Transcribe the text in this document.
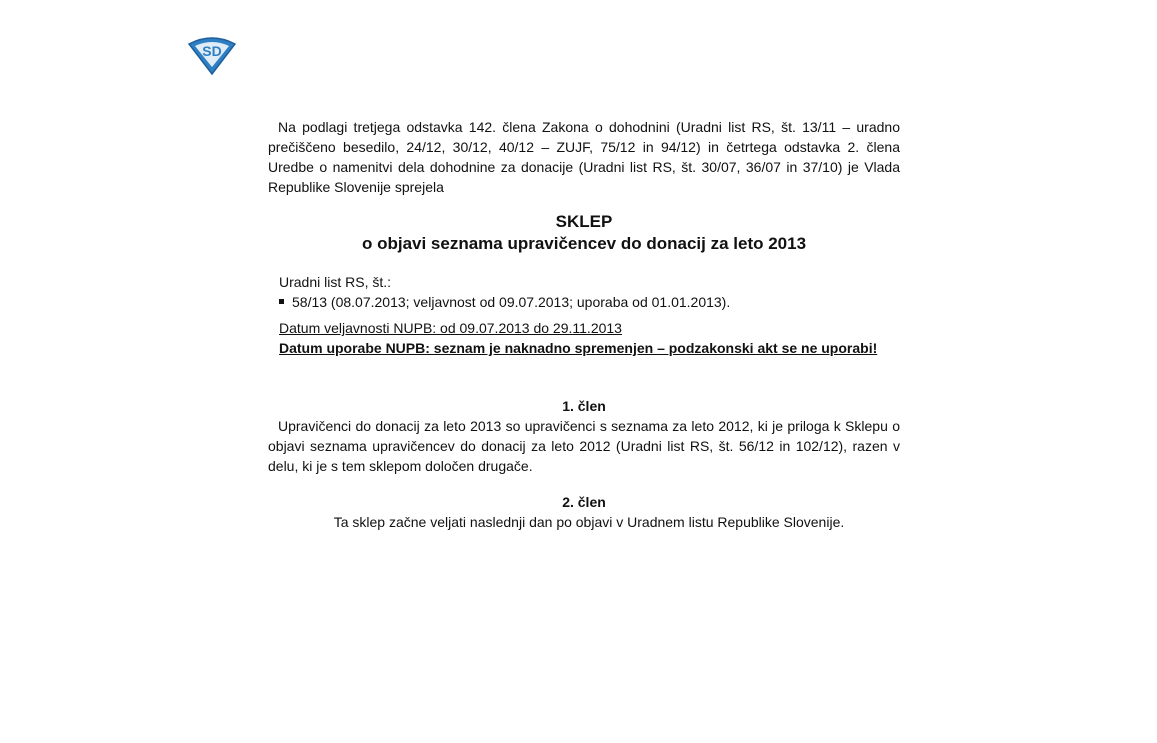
SD

Na podlagi tretjega odstavka 142. člena Zakona o dohodnini (Uradni list RS, št. 13/11 – uradno prečiščeno besedilo, 24/12, 30/12, 40/12 – ZUJF, 75/12 in 94/12) in četrtega odstavka 2. člena Uredbe o namenitvi dela dohodnine za donacije (Uradni list RS, št. 30/07, 36/07 in 37/10) je Vlada Republike Slovenije sprejela

SKLEP
o objavi seznama upravičencev do donacij za leto 2013

Uradni list RS, št.:

58/13 (08.07.2013; veljavnost od 09.07.2013; uporaba od 01.01.2013).

Datum veljavnosti NUPB: od 09.07.2013 do 29.11.2013

Datum uporabe NUPB: seznam je naknadno spremenjen – podzakonski akt se ne uporabi!

1. člen

Upravičenci do donacij za leto 2013 so upravičenci s seznama za leto 2012, ki je priloga k Sklepu o objavi seznama upravičencev do donacij za leto 2012 (Uradni list RS, št. 56/12 in 102/12), razen v delu, ki je s tem sklepom določen drugače.

2. člen

Ta sklep začne veljati naslednji dan po objavi v Uradnem listu Republike Slovenije.
